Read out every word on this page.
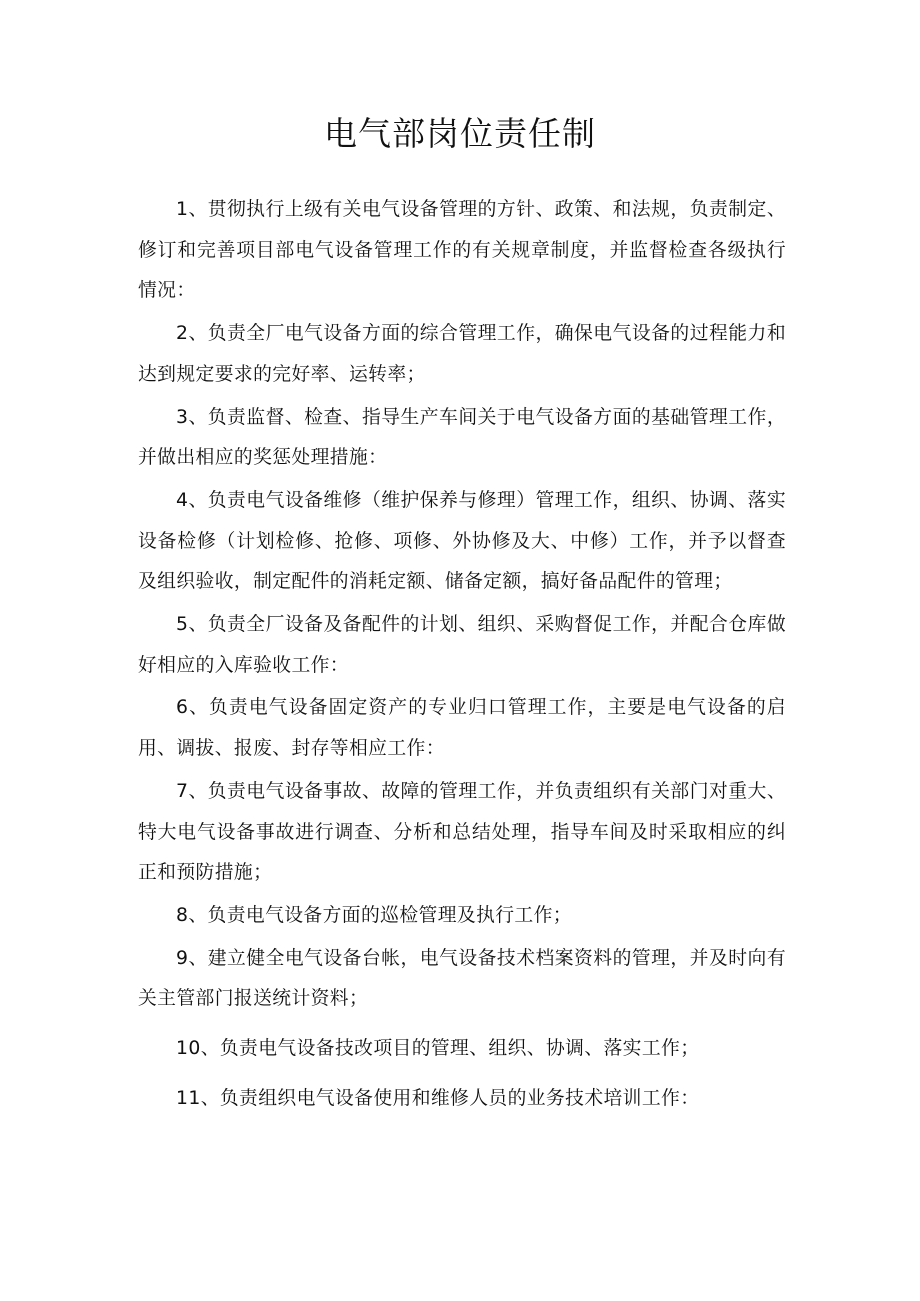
电气部岗位责任制

1、贯彻执行上级有关电气设备管理的方针、政策、和法规，负责制定、修订和完善项目部电气设备管理工作的有关规章制度，并监督检查各级执行情况：

2、负责全厂电气设备方面的综合管理工作，确保电气设备的过程能力和达到规定要求的完好率、运转率；

3、负责监督、检查、指导生产车间关于电气设备方面的基础管理工作，并做出相应的奖惩处理措施：

4、负责电气设备维修（维护保养与修理）管理工作，组织、协调、落实设备检修（计划检修、抢修、项修、外协修及大、中修）工作，并予以督查及组织验收，制定配件的消耗定额、储备定额，搞好备品配件的管理；

5、负责全厂设备及备配件的计划、组织、采购督促工作，并配合仓库做好相应的入库验收工作：

6、负责电气设备固定资产的专业归口管理工作，主要是电气设备的启用、调拔、报废、封存等相应工作：

7、负责电气设备事故、故障的管理工作，并负责组织有关部门对重大、特大电气设备事故进行调查、分析和总结处理，指导车间及时采取相应的纠正和预防措施；

8、负责电气设备方面的巡检管理及执行工作；

9、建立健全电气设备台帐，电气设备技术档案资料的管理，并及时向有关主管部门报送统计资料；

10、负责电气设备技改项目的管理、组织、协调、落实工作；

11、负责组织电气设备使用和维修人员的业务技术培训工作：
